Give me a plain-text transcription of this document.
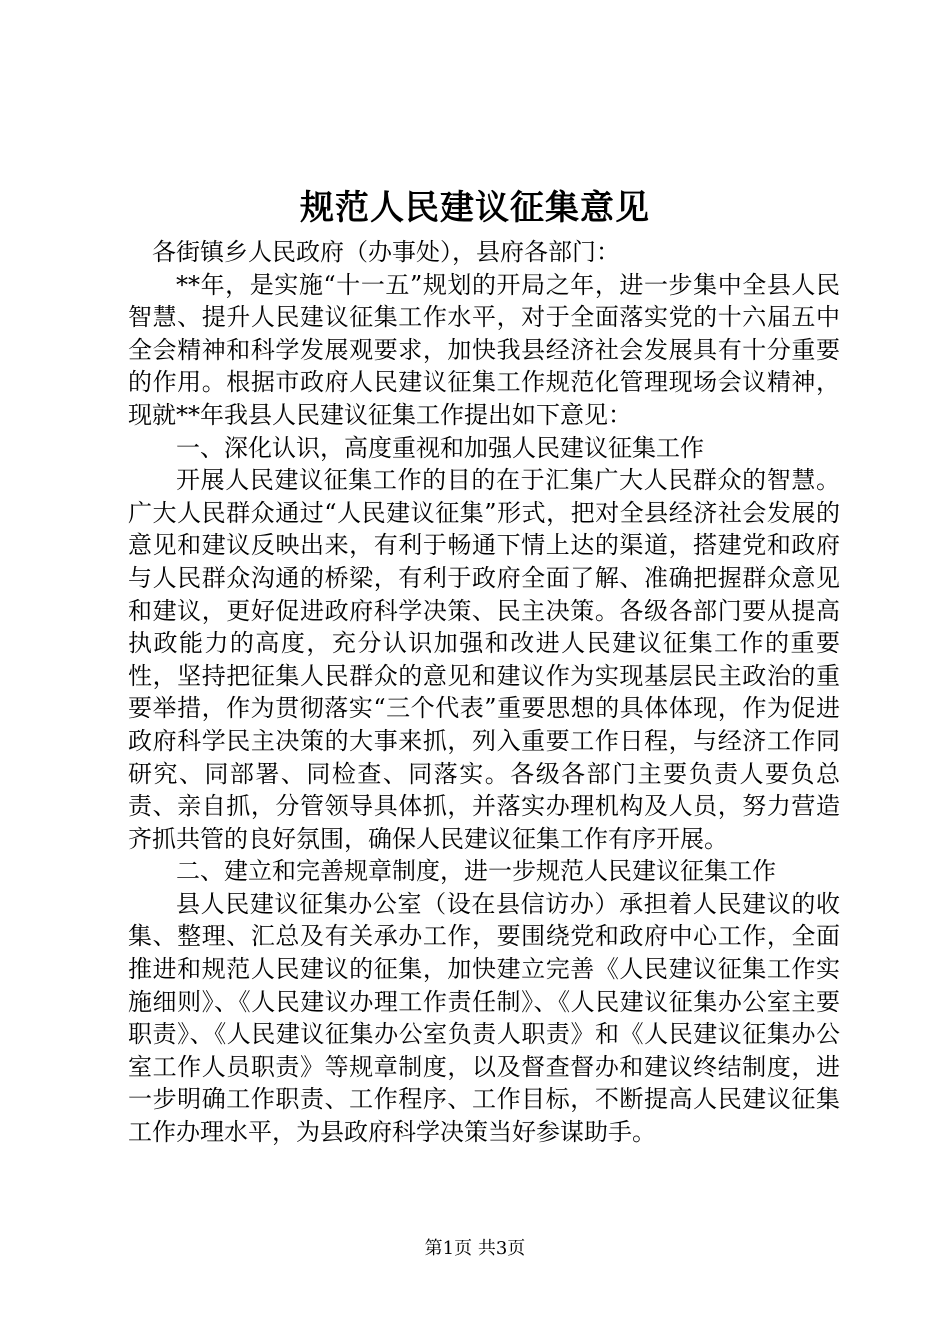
规范人民建议征集意见

各街镇乡人民政府（办事处），县府各部门：

**年，是实施“十一五”规划的开局之年，进一步集中全县人民智慧、提升人民建议征集工作水平，对于全面落实党的十六届五中全会精神和科学发展观要求，加快我县经济社会发展具有十分重要的作用。根据市政府人民建议征集工作规范化管理现场会议精神，现就**年我县人民建议征集工作提出如下意见：

一、深化认识，高度重视和加强人民建议征集工作

开展人民建议征集工作的目的在于汇集广大人民群众的智慧。广大人民群众通过“人民建议征集”形式，把对全县经济社会发展的意见和建议反映出来，有利于畅通下情上达的渠道，搭建党和政府与人民群众沟通的桥梁，有利于政府全面了解、准确把握群众意见和建议，更好促进政府科学决策、民主决策。各级各部门要从提高执政能力的高度，充分认识加强和改进人民建议征集工作的重要性，坚持把征集人民群众的意见和建议作为实现基层民主政治的重要举措，作为贯彻落实“三个代表”重要思想的具体体现，作为促进政府科学民主决策的大事来抓，列入重要工作日程，与经济工作同研究、同部署、同检查、同落实。各级各部门主要负责人要负总责、亲自抓，分管领导具体抓，并落实办理机构及人员，努力营造齐抓共管的良好氛围，确保人民建议征集工作有序开展。

二、建立和完善规章制度，进一步规范人民建议征集工作

县人民建议征集办公室（设在县信访办）承担着人民建议的收集、整理、汇总及有关承办工作，要围绕党和政府中心工作，全面推进和规范人民建议的征集，加快建立完善《人民建议征集工作实施细则》、《人民建议办理工作责任制》、《人民建议征集办公室主要职责》、《人民建议征集办公室负责人职责》和《人民建议征集办公室工作人员职责》等规章制度，以及督查督办和建议终结制度，进一步明确工作职责、工作程序、工作目标，不断提高人民建议征集工作办理水平，为县政府科学决策当好参谋助手。

第1页 共3页
